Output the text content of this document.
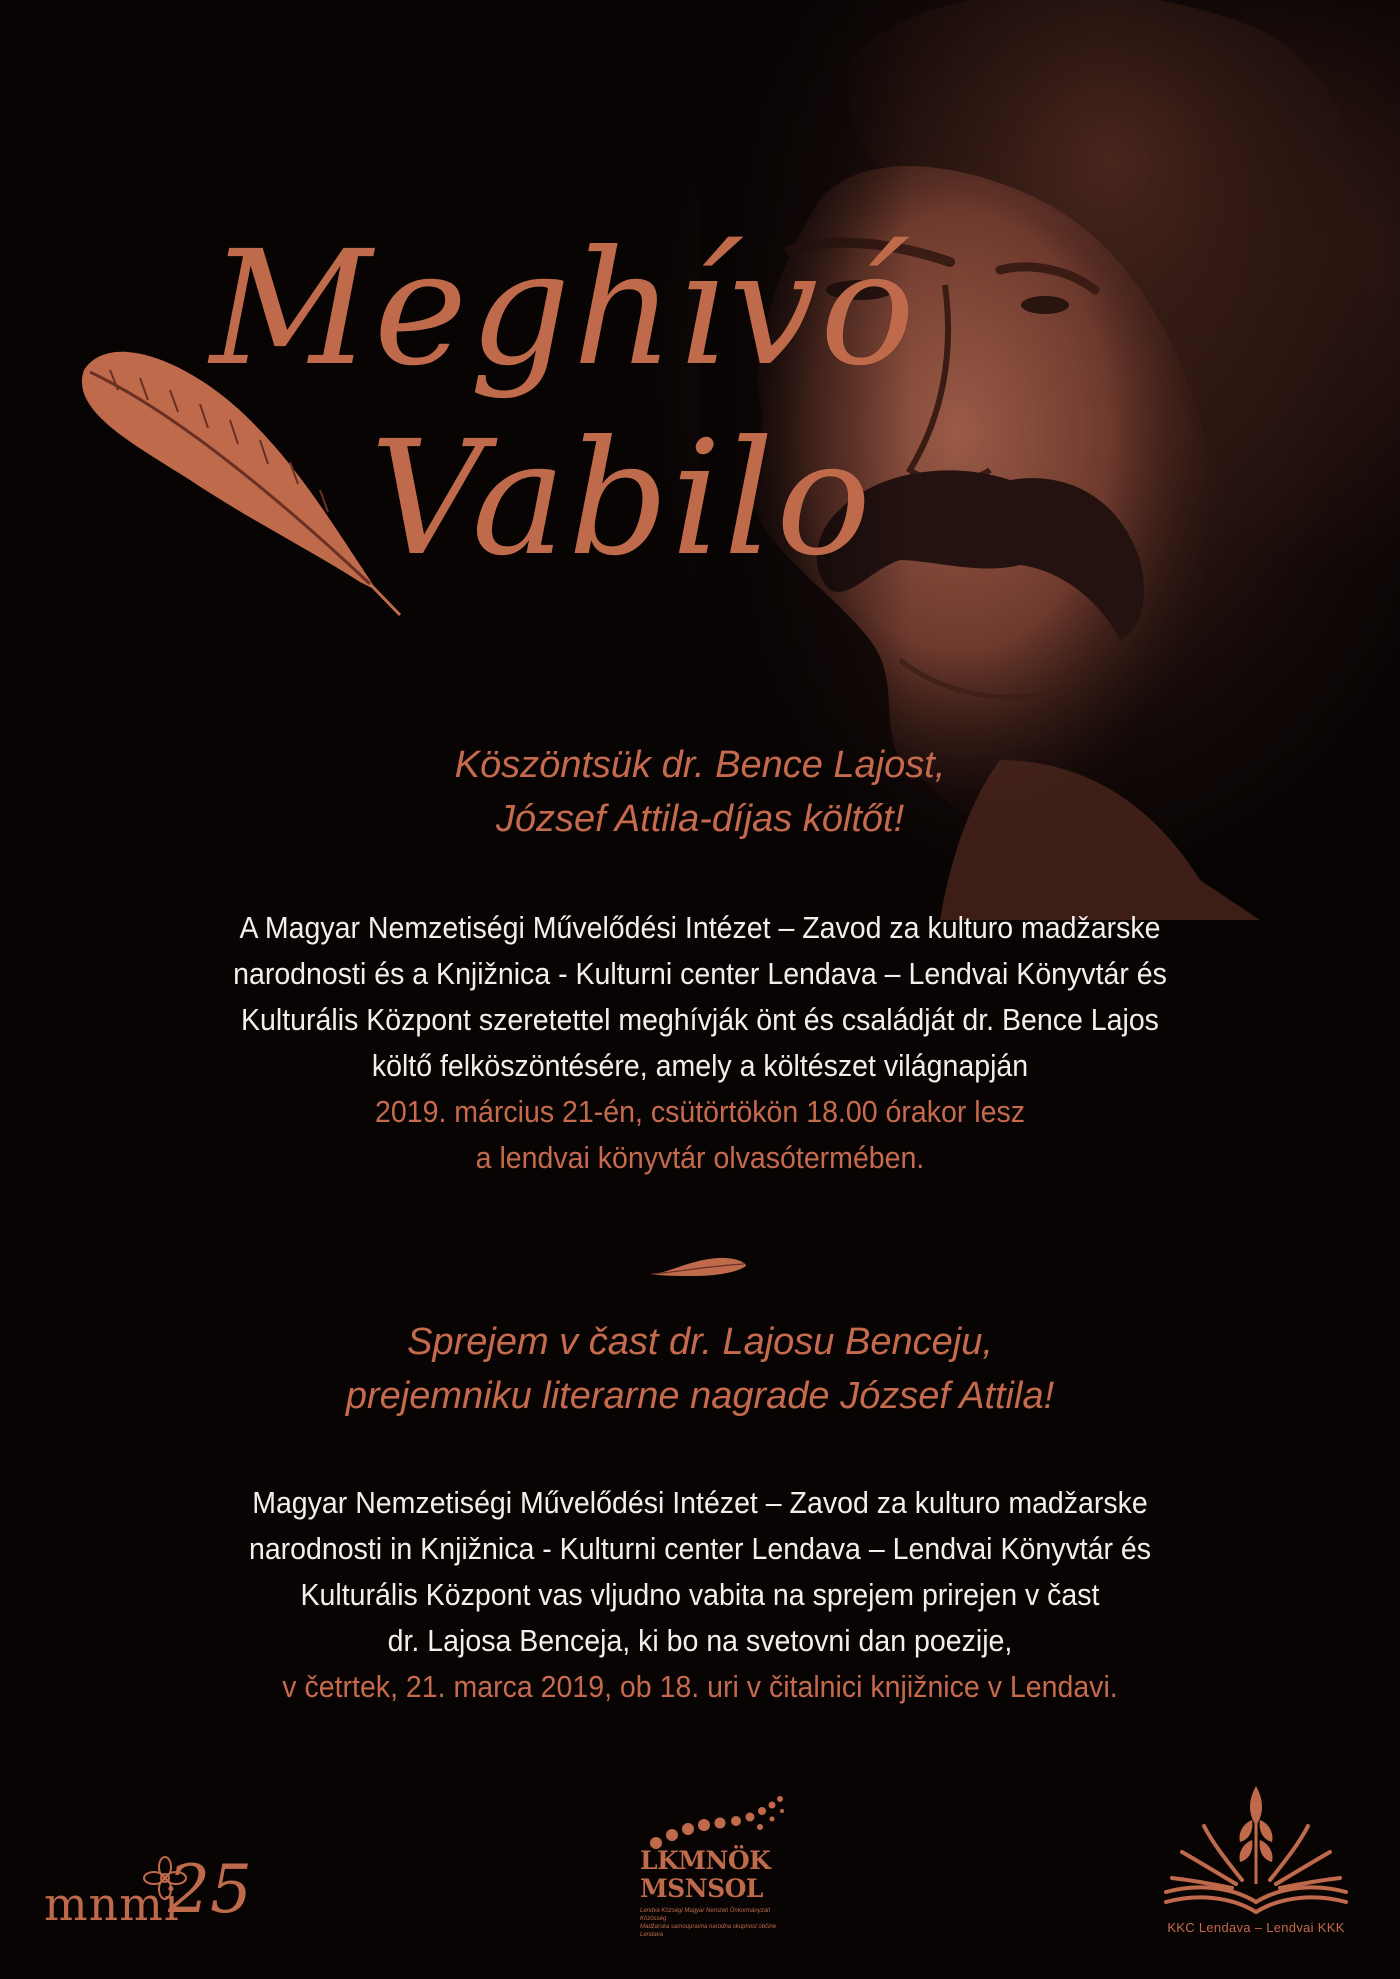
Meghívó
Vabilo

Köszöntsük dr. Bence Lajost,
József Attila-díjas költőt!

A Magyar Nemzetiségi Művelődési Intézet – Zavod za kulturo madžarske
narodnosti és a Knjižnica - Kulturni center Lendava – Lendvai Könyvtár és
Kulturális Központ szeretettel meghívják önt és családját dr. Bence Lajos
költő felköszöntésére, amely a költészet világnapján
2019. március 21-én, csütörtökön 18.00 órakor lesz
a lendvai könyvtár olvasótermében.

Sprejem v čast dr. Lajosu Benceju,
prejemniku literarne nagrade József Attila!

Magyar Nemzetiségi Művelődési Intézet – Zavod za kulturo madžarske
narodnosti in Knjižnica - Kulturni center Lendava – Lendvai Könyvtár és
Kulturális Központ vas vljudno vabita na sprejem prirejen v čast
dr. Lajosa Benceja, ki bo na svetovni dan poezije,
v četrtek, 21. marca 2019, ob 18. uri v čitalnici knjižnice v Lendavi.

mnmi
25	LKMNÖK
MSNSOL
Lendva Községi Magyar Nemzeti Önkormányzati Közösség
Madžarska samoupravna narodna skupnost občine Lendava	KKC Lendava – Lendvai KKK
